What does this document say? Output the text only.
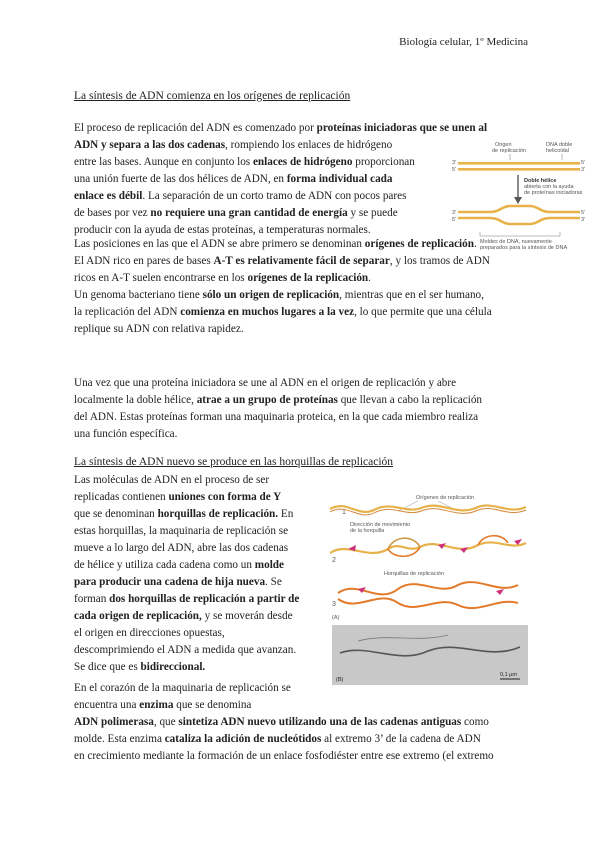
Biología celular, 1º Medicina
La síntesis de ADN comienza en los orígenes de replicación
El proceso de replicación del ADN es comenzado por proteínas iniciadoras que se unen al
ADN y separa a las dos cadenas, rompiendo los enlaces de hidrógeno
entre las bases. Aunque en conjunto los enlaces de hidrógeno proporcionan
una unión fuerte de las dos hélices de ADN, en forma individual cada
enlace es débil. La separación de un corto tramo de ADN con pocos pares
de bases por vez no requiere una gran cantidad de energía y se puede
producir con la ayuda de estas proteínas, a temperaturas normales.
Origen
de replicación
DNA doble
helicoidal
3'
5'
5'
3'
Doble hélice
abierta con la ayuda
de proteínas iniciadoras
3'
5'
5'
3'
Moldes de DNA, nuevamente
preparados para la síntesis de DNA
Las posiciones en las que el ADN se abre primero se denominan orígenes de replicación.
El ADN rico en pares de bases A-T es relativamente fácil de separar, y los tramos de ADN
ricos en A-T suelen encontrarse en los orígenes de la replicación.
Un genoma bacteriano tiene sólo un origen de replicación, mientras que en el ser humano,
la replicación del ADN comienza en muchos lugares a la vez, lo que permite que una célula
replique su ADN con relativa rapidez.
Una vez que una proteína iniciadora se une al ADN en el origen de replicación y abre
localmente la doble hélice, atrae a un grupo de proteínas que llevan a cabo la replicación
del ADN. Estas proteínas forman una maquinaria proteica, en la que cada miembro realiza
una función específica.
La síntesis de ADN nuevo se produce en las horquillas de replicación
Las moléculas de ADN en el proceso de ser
replicadas contienen uniones con forma de Y
que se denominan horquillas de replicación. En
estas horquillas, la maquinaria de replicación se
mueve a lo largo del ADN, abre las dos cadenas
de hélice y utiliza cada cadena como un molde
para producir una cadena de hija nueva. Se
forman dos horquillas de replicación a partir de
cada origen de replicación, y se moverán desde
el origen en direcciones opuestas,
descomprimiendo el ADN a medida que avanzan.
Se dice que es bidireccional.
Orígenes de replicación
1
Dirección de movimiento
de la horquilla
2
Horquillas de replicación
3
(A)
(B)
0,1 µm
En el corazón de la maquinaria de replicación se
encuentra una enzima que se denomina
ADN polimerasa, que sintetiza ADN nuevo utilizando una de las cadenas antiguas como
molde. Esta enzima cataliza la adición de nucleótidos al extremo 3’ de la cadena de ADN
en crecimiento mediante la formación de un enlace fosfodiéster entre ese extremo (el extremo
